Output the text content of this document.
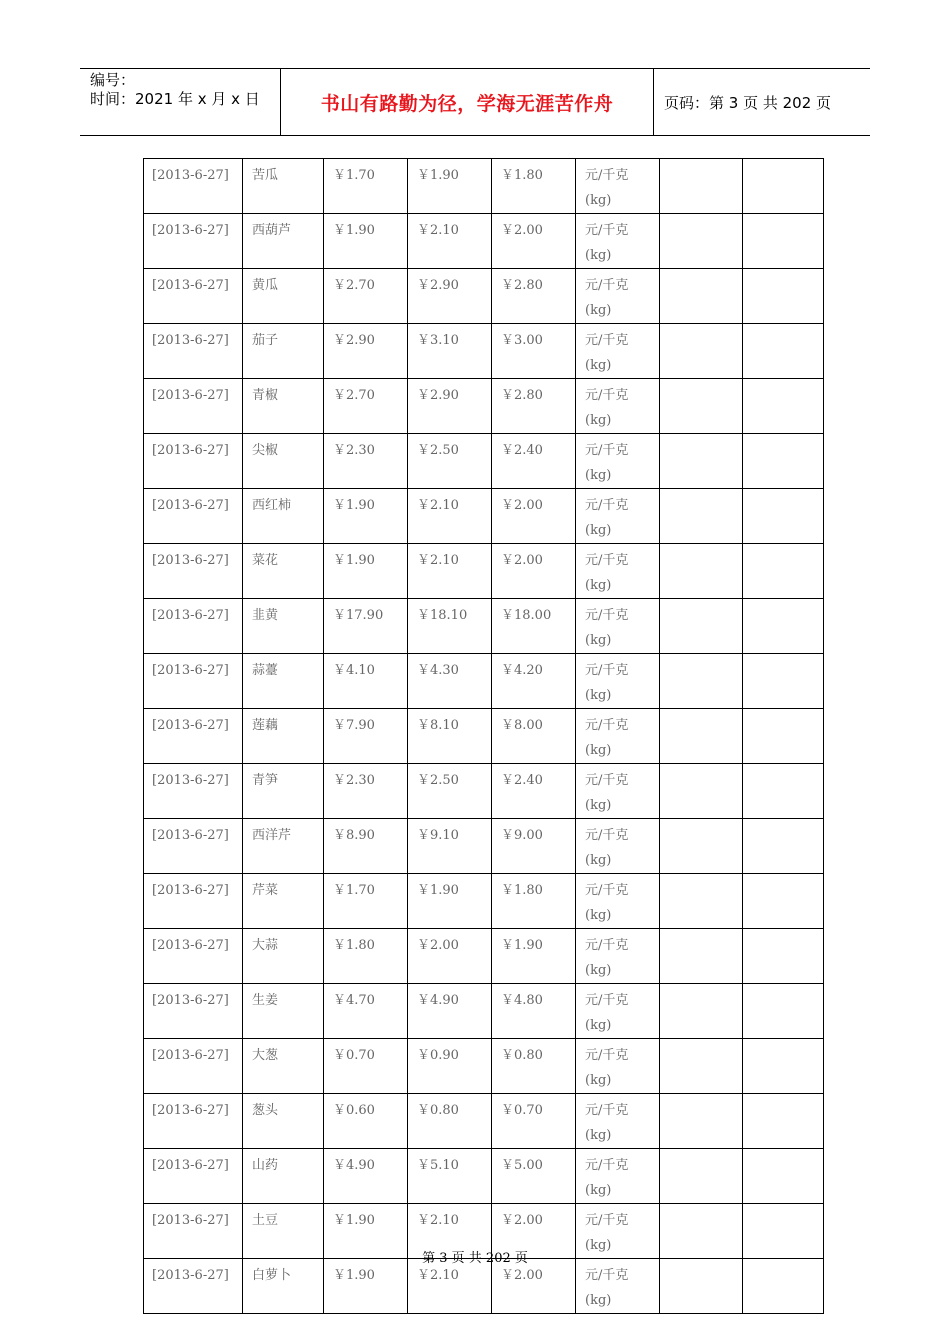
编号：
时间：2021 年 x 月 x 日	书山有路勤为径，学海无涯苦作舟	页码：第 3 页 共 202 页
[2013-6-27]	苦瓜	￥1.70	￥1.90	￥1.80	元/千克
(kg)		

[2013-6-27]	西葫芦	￥1.90	￥2.10	￥2.00	元/千克
(kg)		

[2013-6-27]	黄瓜	￥2.70	￥2.90	￥2.80	元/千克
(kg)		

[2013-6-27]	茄子	￥2.90	￥3.10	￥3.00	元/千克
(kg)		

[2013-6-27]	青椒	￥2.70	￥2.90	￥2.80	元/千克
(kg)		

[2013-6-27]	尖椒	￥2.30	￥2.50	￥2.40	元/千克
(kg)		

[2013-6-27]	西红柿	￥1.90	￥2.10	￥2.00	元/千克
(kg)		

[2013-6-27]	菜花	￥1.90	￥2.10	￥2.00	元/千克
(kg)		

[2013-6-27]	韭黄	￥17.90	￥18.10	￥18.00	元/千克
(kg)		

[2013-6-27]	蒜薹	￥4.10	￥4.30	￥4.20	元/千克
(kg)		

[2013-6-27]	莲藕	￥7.90	￥8.10	￥8.00	元/千克
(kg)		

[2013-6-27]	青笋	￥2.30	￥2.50	￥2.40	元/千克
(kg)		

[2013-6-27]	西洋芹	￥8.90	￥9.10	￥9.00	元/千克
(kg)		

[2013-6-27]	芹菜	￥1.70	￥1.90	￥1.80	元/千克
(kg)		

[2013-6-27]	大蒜	￥1.80	￥2.00	￥1.90	元/千克
(kg)		

[2013-6-27]	生姜	￥4.70	￥4.90	￥4.80	元/千克
(kg)		

[2013-6-27]	大葱	￥0.70	￥0.90	￥0.80	元/千克
(kg)		

[2013-6-27]	葱头	￥0.60	￥0.80	￥0.70	元/千克
(kg)		

[2013-6-27]	山药	￥4.90	￥5.10	￥5.00	元/千克
(kg)		

[2013-6-27]	土豆	￥1.90	￥2.10	￥2.00	元/千克
(kg)		

[2013-6-27]	白萝卜	￥1.90	￥2.10	￥2.00	元/千克
(kg)		

第 3 页 共 202 页
